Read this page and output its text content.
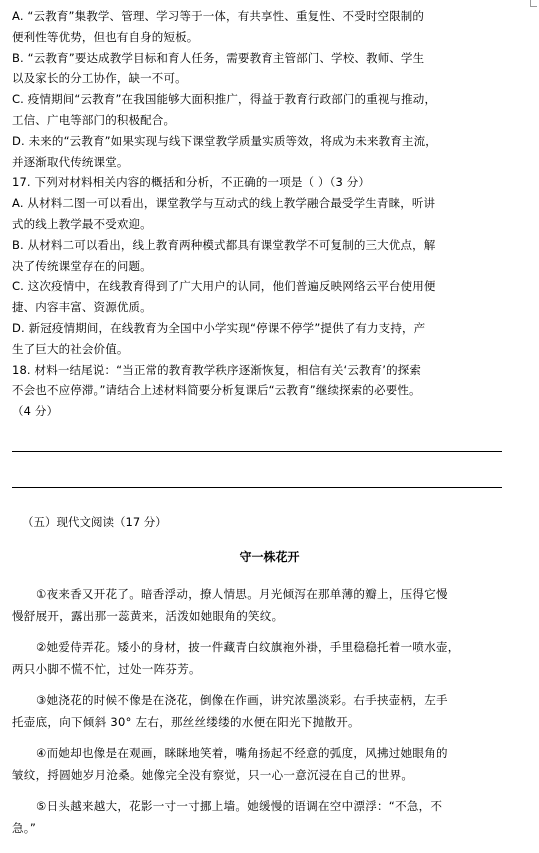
A. “云教育”集教学、管理、学习等于一体，有共享性、重复性、不受时空限制的
便利性等优势，但也有自身的短板。
B. “云教育”要达成教学目标和育人任务，需要教育主管部门、学校、教师、学生
以及家长的分工协作，缺一不可。
C. 疫情期间“云教育”在我国能够大面积推广，得益于教育行政部门的重视与推动，
工信、广电等部门的积极配合。
D. 未来的“云教育”如果实现与线下课堂教学质量实质等效，将成为未来教育主流，
并逐渐取代传统课堂。
17. 下列对材料相关内容的概括和分析，不正确的一项是（ ）（3 分）
A. 从材料二图一可以看出，课堂教学与互动式的线上教学融合最受学生青睐，听讲
式的线上教学最不受欢迎。
B. 从材料二可以看出，线上教育两种模式都具有课堂教学不可复制的三大优点，解
决了传统课堂存在的问题。
C. 这次疫情中，在线教育得到了广大用户的认同，他们普遍反映网络云平台使用便
捷、内容丰富、资源优质。
D. 新冠疫情期间，在线教育为全国中小学实现“停课不停学”提供了有力支持，产
生了巨大的社会价值。
18. 材料一结尾说：“当正常的教育教学秩序逐渐恢复，相信有关‘云教育’的探索
不会也不应停滞。”请结合上述材料简要分析复课后“云教育”继续探索的必要性。
（4 分）
（五）现代文阅读（17 分）
守一株花开
①夜来香又开花了。暗香浮动，撩人情思。月光倾泻在那单薄的瓣上，压得它慢
慢舒展开，露出那一蕊黄来，活泼如她眼角的笑纹。
②她爱侍弄花。矮小的身材，披一件藏青白纹旗袍外褂，手里稳稳托着一喷水壶，
两只小脚不慌不忙，过处一阵芬芳。
③她浇花的时候不像是在浇花，倒像在作画，讲究浓墨淡彩。右手挟壶柄，左手
托壶底，向下倾斜 30° 左右，那丝丝缕缕的水便在阳光下抛散开。
④而她却也像是在观画，眯眯地笑着，嘴角扬起不经意的弧度，风拂过她眼角的
皱纹，捋圆她岁月沧桑。她像完全没有察觉，只一心一意沉浸在自己的世界。
⑤日头越来越大，花影一寸一寸挪上墙。她缓慢的语调在空中漂浮：“不急，不
急。”
